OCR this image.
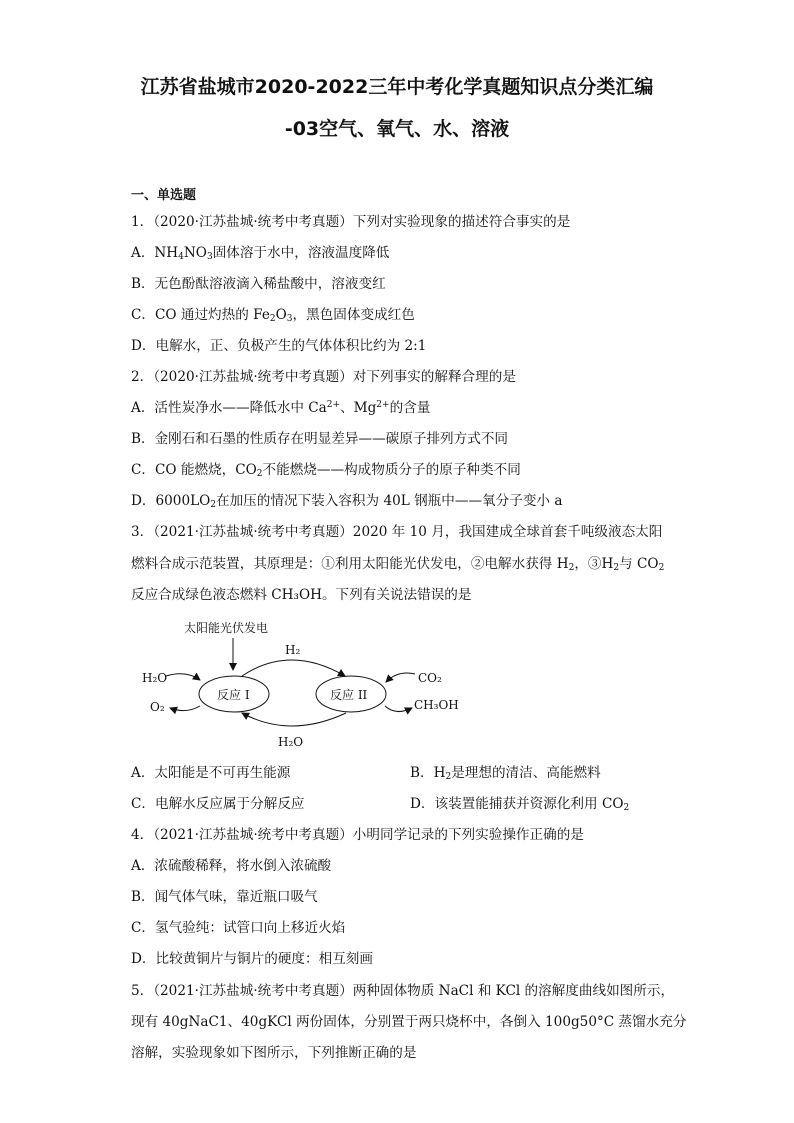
江苏省盐城市2020-2022三年中考化学真题知识点分类汇编
-03空气、氧气、水、溶液
一、单选题
1．（2020·江苏盐城·统考中考真题）下列对实验现象的描述符合事实的是
A．$NH_4NO_3$固体溶于水中，溶液温度降低
B．无色酚酞溶液滴入稀盐酸中，溶液变红
C．CO 通过灼热的 $Fe_2O_3$，黑色固体变成红色
D．电解水，正、负极产生的气体体积比约为 2:1
2．（2020·江苏盐城·统考中考真题）对下列事实的解释合理的是
A．活性炭净水——降低水中 $Ca^{2+}$、$Mg^{2+}$的含量
B．金刚石和石墨的性质存在明显差异——碳原子排列方式不同
C．CO 能燃烧，$CO_2$不能燃烧——构成物质分子的原子种类不同
D．$6000LO_2$在加压的情况下装入容积为 40L 钢瓶中——氧分子变小 a
3．（2021·江苏盐城·统考中考真题）2020 年 10 月，我国建成全球首套千吨级液态太阳
燃料合成示范装置，其原理是：①利用太阳能光伏发电，②电解水获得 $H_2$，$③H_2$与 $CO_2$
反应合成绿色液态燃料 CH₃OH。下列有关说法错误的是
太阳能光伏发电
反应 I	反应 II
H₂
H₂O
H₂O
O₂
CO₂
CH₃OH
A．太阳能是不可再生能源	B．$H_2$是理想的清洁、高能燃料
C．电解水反应属于分解反应	D．该装置能捕获并资源化利用 $CO_2$
4．（2021·江苏盐城·统考中考真题）小明同学记录的下列实验操作正确的是
A．浓硫酸稀释，将水倒入浓硫酸
B．闻气体气味，靠近瓶口吸气
C．氢气验纯：试管口向上移近火焰
D．比较黄铜片与铜片的硬度：相互刻画
5．（2021·江苏盐城·统考中考真题）两种固体物质 NaCl 和 KCl 的溶解度曲线如图所示，
现有 40gNaC1、40gKCl 两份固体，分别置于两只烧杯中，各倒入 100g50°C 蒸馏水充分
溶解，实验现象如下图所示，下列推断正确的是
